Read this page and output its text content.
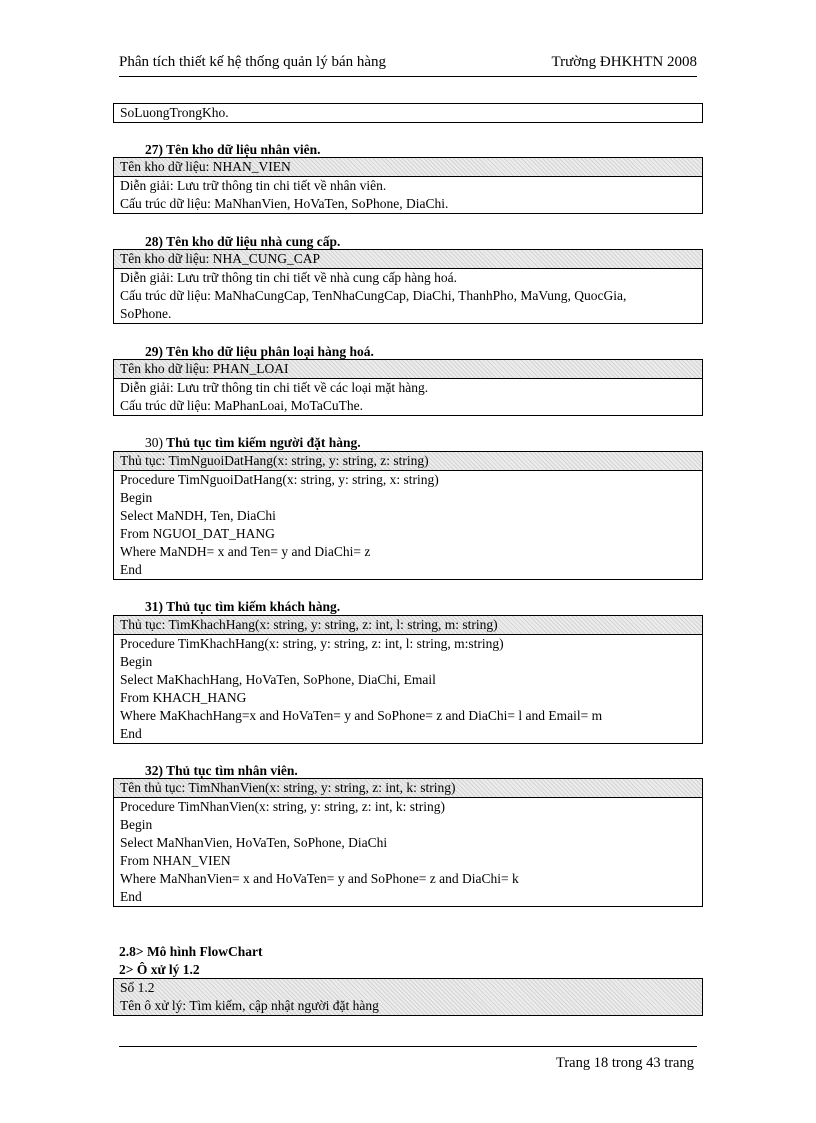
Phân tích thiết kế hệ thống quản lý bán hàng	Trường ĐHKHTN 2008
SoLuongTrongKho.
27) Tên kho dữ liệu nhân viên.
Tên kho dữ liệu: NHAN_VIEN
Diễn giải: Lưu trữ thông tin chi tiết về nhân viên.
Cấu trúc dữ liệu: MaNhanVien, HoVaTen, SoPhone, DiaChi.
28) Tên kho dữ liệu nhà cung cấp.
Tên kho dữ liệu: NHA_CUNG_CAP
Diễn giải: Lưu trữ thông tin chi tiết về nhà cung cấp hàng hoá.
Cấu trúc dữ liệu: MaNhaCungCap, TenNhaCungCap, DiaChi, ThanhPho, MaVung, QuocGia,
SoPhone.
29) Tên kho dữ liệu phân loại hàng hoá.
Tên kho dữ liệu: PHAN_LOAI
Diễn giải: Lưu trữ thông tin chi tiết về các loại mặt hàng.
Cấu trúc dữ liệu: MaPhanLoai, MoTaCuThe.
30) Thủ tục tìm kiếm người đặt hàng.
Thủ tục: TimNguoiDatHang(x: string, y: string, z: string)
Procedure TimNguoiDatHang(x: string, y: string, x: string)
Begin
Select MaNDH, Ten, DiaChi
From NGUOI_DAT_HANG
Where MaNDH= x and Ten= y and DiaChi= z
End
31) Thủ tục tìm kiếm khách hàng.
Thủ tục: TimKhachHang(x: string, y: string, z: int, l: string, m: string)
Procedure TimKhachHang(x: string, y: string, z: int, l: string, m:string)
Begin
Select MaKhachHang, HoVaTen, SoPhone, DiaChi, Email
From KHACH_HANG
Where MaKhachHang=x and HoVaTen= y and SoPhone= z and DiaChi= l and Email= m
End
32) Thủ tục tìm nhân viên.
Tên thủ tục: TimNhanVien(x: string, y: string, z: int, k: string)
Procedure TimNhanVien(x: string, y: string, z: int, k: string)
Begin
Select MaNhanVien, HoVaTen, SoPhone, DiaChi
From NHAN_VIEN
Where MaNhanVien= x and HoVaTen= y and SoPhone= z and DiaChi= k
End
2.8> Mô hình FlowChart
2> Ô xử lý 1.2
Số 1.2
Tên ô xử lý: Tìm kiếm, cập nhật người đặt hàng
Trang 18 trong 43 trang
